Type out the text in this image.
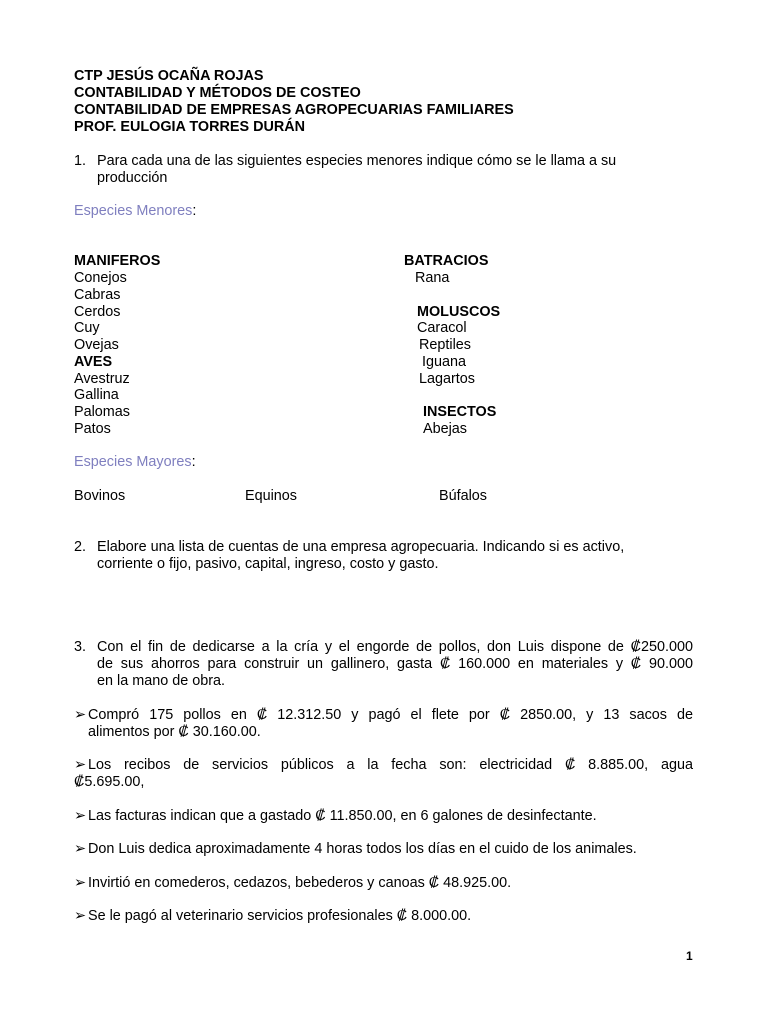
CTP JESÚS OCAÑA ROJAS
CONTABILIDAD Y MÉTODOS DE COSTEO
CONTABILIDAD DE EMPRESAS AGROPECUARIAS FAMILIARES
PROF. EULOGIA TORRES DURÁN
1. Para cada una de las siguientes especies menores indique cómo se le llama a su
producción
Especies Menores:
MANIFEROS
Conejos
Cabras
Cerdos
Cuy
Ovejas
AVES
Avestruz
Gallina
Palomas
Patos
BATRACIOS
Rana
MOLUSCOS
Caracol
Reptiles
Iguana
Lagartos
INSECTOS
Abejas
Especies Mayores:
Bovinos	Equinos	Búfalos
2. Elabore una lista de cuentas de una empresa agropecuaria. Indicando si es activo,
corriente o fijo, pasivo, capital, ingreso, costo y gasto.
3. Con el fin de dedicarse a la cría y el engorde de pollos, don Luis dispone de ₡250.000
de sus ahorros para construir un gallinero, gasta ₡ 160.000 en materiales y ₡ 90.000
en la mano de obra.
➢ Compró 175 pollos en ₡ 12.312.50 y pagó el flete por ₡ 2850.00, y 13 sacos de
alimentos por ₡ 30.160.00.
➢ Los recibos de servicios públicos a la fecha son: electricidad ₡ 8.885.00, agua
₡5.695.00,
➢ Las facturas indican que a gastado ₡ 11.850.00, en 6 galones de desinfectante.
➢ Don Luis dedica aproximadamente 4 horas todos los días en el cuido de los animales.
➢ Invirtió en comederos, cedazos, bebederos y canoas ₡ 48.925.00.
➢ Se le pagó al veterinario servicios profesionales ₡ 8.000.00.
1
